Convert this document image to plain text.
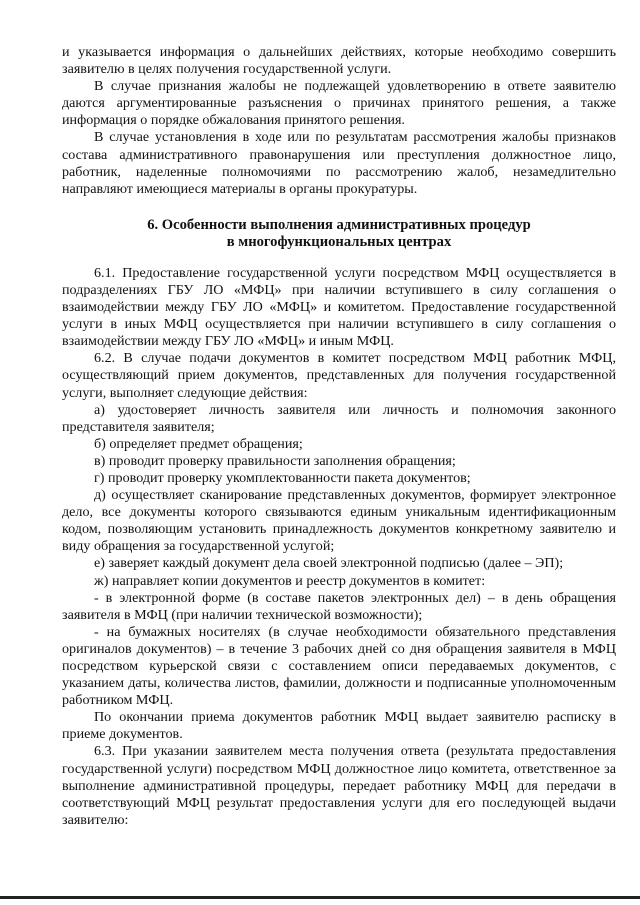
и указывается информация о дальнейших действиях, которые необходимо совершить заявителю в целях получения государственной услуги.

В случае признания жалобы не подлежащей удовлетворению в ответе заявителю даются аргументированные разъяснения о причинах принятого решения, а также информация о порядке обжалования принятого решения.

В случае установления в ходе или по результатам рассмотрения жалобы признаков состава административного правонарушения или преступления должностное лицо, работник, наделенные полномочиями по рассмотрению жалоб, незамедлительно направляют имеющиеся материалы в органы прокуратуры.

6. Особенности выполнения административных процедур
в многофункциональных центрах

6.1. Предоставление государственной услуги посредством МФЦ осуществляется в подразделениях ГБУ ЛО «МФЦ» при наличии вступившего в силу соглашения о взаимодействии между ГБУ ЛО «МФЦ» и комитетом. Предоставление государственной услуги в иных МФЦ осуществляется при наличии вступившего в силу соглашения о взаимодействии между ГБУ ЛО «МФЦ» и иным МФЦ.

6.2. В случае подачи документов в комитет посредством МФЦ работник МФЦ, осуществляющий прием документов, представленных для получения государственной услуги, выполняет следующие действия:

а) удостоверяет личность заявителя или личность и полномочия законного представителя заявителя;

б) определяет предмет обращения;

в) проводит проверку правильности заполнения обращения;

г) проводит проверку укомплектованности пакета документов;

д) осуществляет сканирование представленных документов, формирует электронное дело, все документы которого связываются единым уникальным идентификационным кодом, позволяющим установить принадлежность документов конкретному заявителю и виду обращения за государственной услугой;

е) заверяет каждый документ дела своей электронной подписью (далее – ЭП);

ж) направляет копии документов и реестр документов в комитет:

- в электронной форме (в составе пакетов электронных дел) – в день обращения заявителя в МФЦ (при наличии технической возможности);

- на бумажных носителях (в случае необходимости обязательного представления оригиналов документов) – в течение 3 рабочих дней со дня обращения заявителя в МФЦ посредством курьерской связи с составлением описи передаваемых документов, с указанием даты, количества листов, фамилии, должности и подписанные уполномоченным работником МФЦ.

По окончании приема документов работник МФЦ выдает заявителю расписку в приеме документов.

6.3. При указании заявителем места получения ответа (результата предоставления государственной услуги) посредством МФЦ должностное лицо комитета, ответственное за выполнение административной процедуры, передает работнику МФЦ для передачи в соответствующий МФЦ результат предоставления услуги для его последующей выдачи заявителю:
